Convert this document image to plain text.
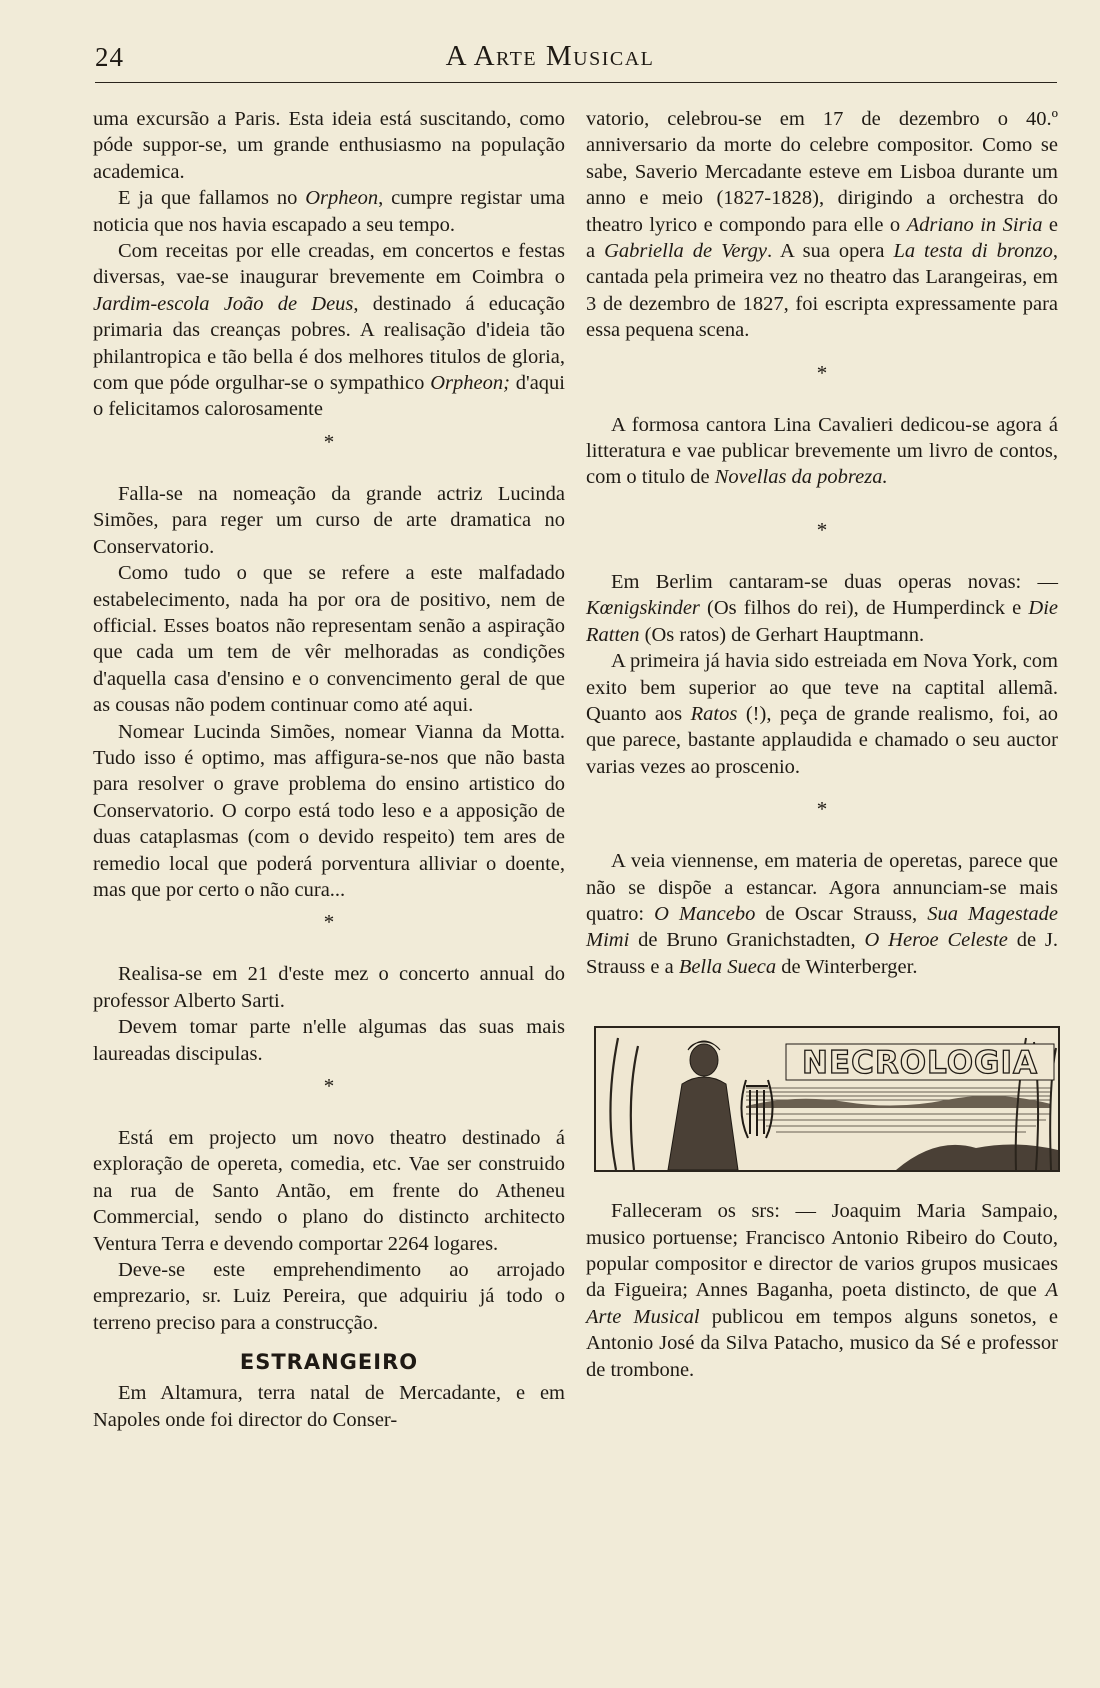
24	A Arte Musical

uma excursão a Paris. Esta ideia está suscitando, como póde suppor-se, um grande enthusiasmo na população academica.

E ja que fallamos no Orpheon, cumpre registar uma noticia que nos havia escapado a seu tempo.

Com receitas por elle creadas, em concertos e festas diversas, vae-se inaugurar brevemente em Coimbra o Jardim-escola João de Deus, destinado á educação primaria das creanças pobres. A realisação d'ideia tão philantropica e tão bella é dos melhores titulos de gloria, com que póde orgulhar-se o sympathico Orpheon; d'aqui o felicitamos calorosamente

*

Falla-se na nomeação da grande actriz Lucinda Simões, para reger um curso de arte dramatica no Conservatorio.

Como tudo o que se refere a este malfadado estabelecimento, nada ha por ora de positivo, nem de official. Esses boatos não representam senão a aspiração que cada um tem de vêr melhoradas as condições d'aquella casa d'ensino e o convencimento geral de que as cousas não podem continuar como até aqui.

Nomear Lucinda Simões, nomear Vianna da Motta. Tudo isso é optimo, mas affigura-se-nos que não basta para resolver o grave problema do ensino artistico do Conservatorio. O corpo está todo leso e a apposição de duas cataplasmas (com o devido respeito) tem ares de remedio local que poderá porventura alliviar o doente, mas que por certo o não cura...

*

Realisa-se em 21 d'este mez o concerto annual do professor Alberto Sarti.

Devem tomar parte n'elle algumas das suas mais laureadas discipulas.

*

Está em projecto um novo theatro destinado á exploração de opereta, comedia, etc. Vae ser construido na rua de Santo Antão, em frente do Atheneu Commercial, sendo o plano do distincto architecto Ventura Terra e devendo comportar 2264 logares.

Deve-se este emprehendimento ao arrojado emprezario, sr. Luiz Pereira, que adquiriu já todo o terreno preciso para a construcção.

ESTRANGEIRO

Em Altamura, terra natal de Mercadante, e em Napoles onde foi director do Conser-

vatorio, celebrou-se em 17 de dezembro o 40.º anniversario da morte do celebre compositor. Como se sabe, Saverio Mercadante esteve em Lisboa durante um anno e meio (1827-1828), dirigindo a orchestra do theatro lyrico e compondo para elle o Adriano in Siria e a Gabriella de Vergy. A sua opera La testa di bronzo, cantada pela primeira vez no theatro das Larangeiras, em 3 de dezembro de 1827, foi escripta expressamente para essa pequena scena.

*

A formosa cantora Lina Cavalieri dedicou-se agora á litteratura e vae publicar brevemente um livro de contos, com o titulo de Novellas da pobreza.

*

Em Berlim cantaram-se duas operas novas: — Kœnigskinder (Os filhos do rei), de Humperdinck e Die Ratten (Os ratos) de Gerhart Hauptmann.

A primeira já havia sido estreiada em Nova York, com exito bem superior ao que teve na captital allemã. Quanto aos Ratos (!), peça de grande realismo, foi, ao que parece, bastante applaudida e chamado o seu auctor varias vezes ao proscenio.

*

A veia viennense, em materia de operetas, parece que não se dispõe a estancar. Agora annunciam-se mais quatro: O Mancebo de Oscar Strauss, Sua Magestade Mimi de Bruno Granichstadten, O Heroe Celeste de J. Strauss e a Bella Sueca de Winterberger.

NECROLOGIA

Falleceram os srs: — Joaquim Maria Sampaio, musico portuense; Francisco Antonio Ribeiro do Couto, popular compositor e director de varios grupos musicaes da Figueira; Annes Baganha, poeta distincto, de que A Arte Musical publicou em tempos alguns sonetos, e Antonio José da Silva Patacho, musico da Sé e professor de trombone.
